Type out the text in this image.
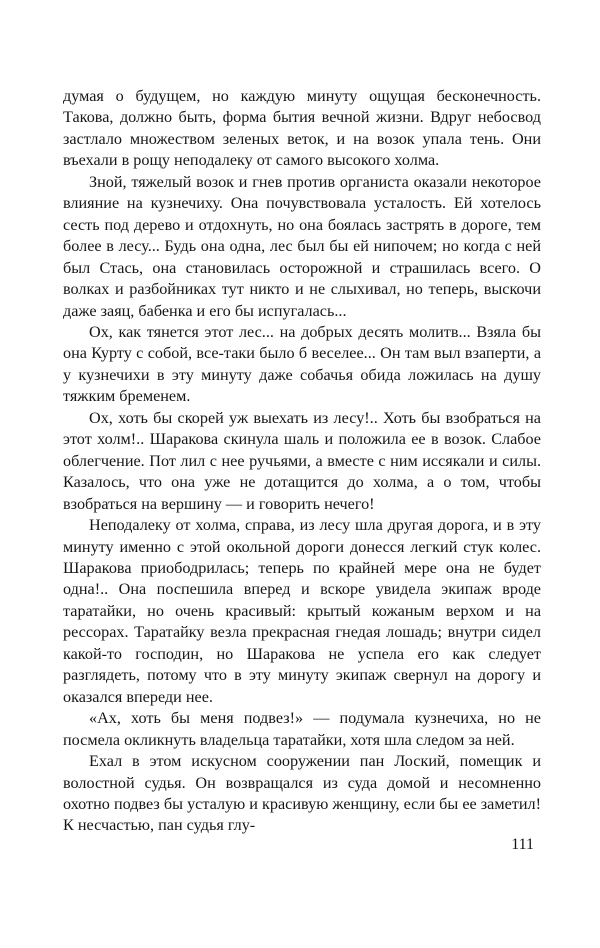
думая о будущем, но каждую минуту ощущая бесконечность. Такова, должно быть, форма бытия вечной жизни. Вдруг небосвод застлало множеством зеленых веток, и на возок упала тень. Они въехали в рощу неподалеку от самого высокого холма.

Зной, тяжелый возок и гнев против органиста оказали некоторое влияние на кузнечиху. Она почувствовала усталость. Ей хотелось сесть под дерево и отдохнуть, но она боялась застрять в дороге, тем более в лесу... Будь она одна, лес был бы ей нипочем; но когда с ней был Стась, она становилась осторожной и страшилась всего. О волках и разбойниках тут никто и не слыхивал, но теперь, выскочи даже заяц, бабенка и его бы испугалась...

Ох, как тянется этот лес... на добрых десять молитв... Взяла бы она Курту с собой, все-таки было б веселее... Он там выл взаперти, а у кузнечихи в эту минуту даже собачья обида ложилась на душу тяжким бременем.

Ох, хоть бы скорей уж выехать из лесу!.. Хоть бы взобраться на этот холм!.. Шаракова скинула шаль и положила ее в возок. Слабое облегчение. Пот лил с нее ручьями, а вместе с ним иссякали и силы. Казалось, что она уже не дотащится до холма, а о том, чтобы взобраться на вершину — и говорить нечего!

Неподалеку от холма, справа, из лесу шла другая дорога, и в эту минуту именно с этой окольной дороги донесся легкий стук колес. Шаракова приободрилась; теперь по крайней мере она не будет одна!.. Она поспешила вперед и вскоре увидела экипаж вроде таратайки, но очень красивый: крытый кожаным верхом и на рессорах. Таратайку везла прекрасная гнедая лошадь; внутри сидел какой-то господин, но Шаракова не успела его как следует разглядеть, потому что в эту минуту экипаж свернул на дорогу и оказался впереди нее.

«Ах, хоть бы меня подвез!» — подумала кузнечиха, но не посмела окликнуть владельца таратайки, хотя шла следом за ней.

Ехал в этом искусном сооружении пан Лоский, помещик и волостной судья. Он возвращался из суда домой и несомненно охотно подвез бы усталую и красивую женщину, если бы ее заметил! К несчастью, пан судья глу-

111
